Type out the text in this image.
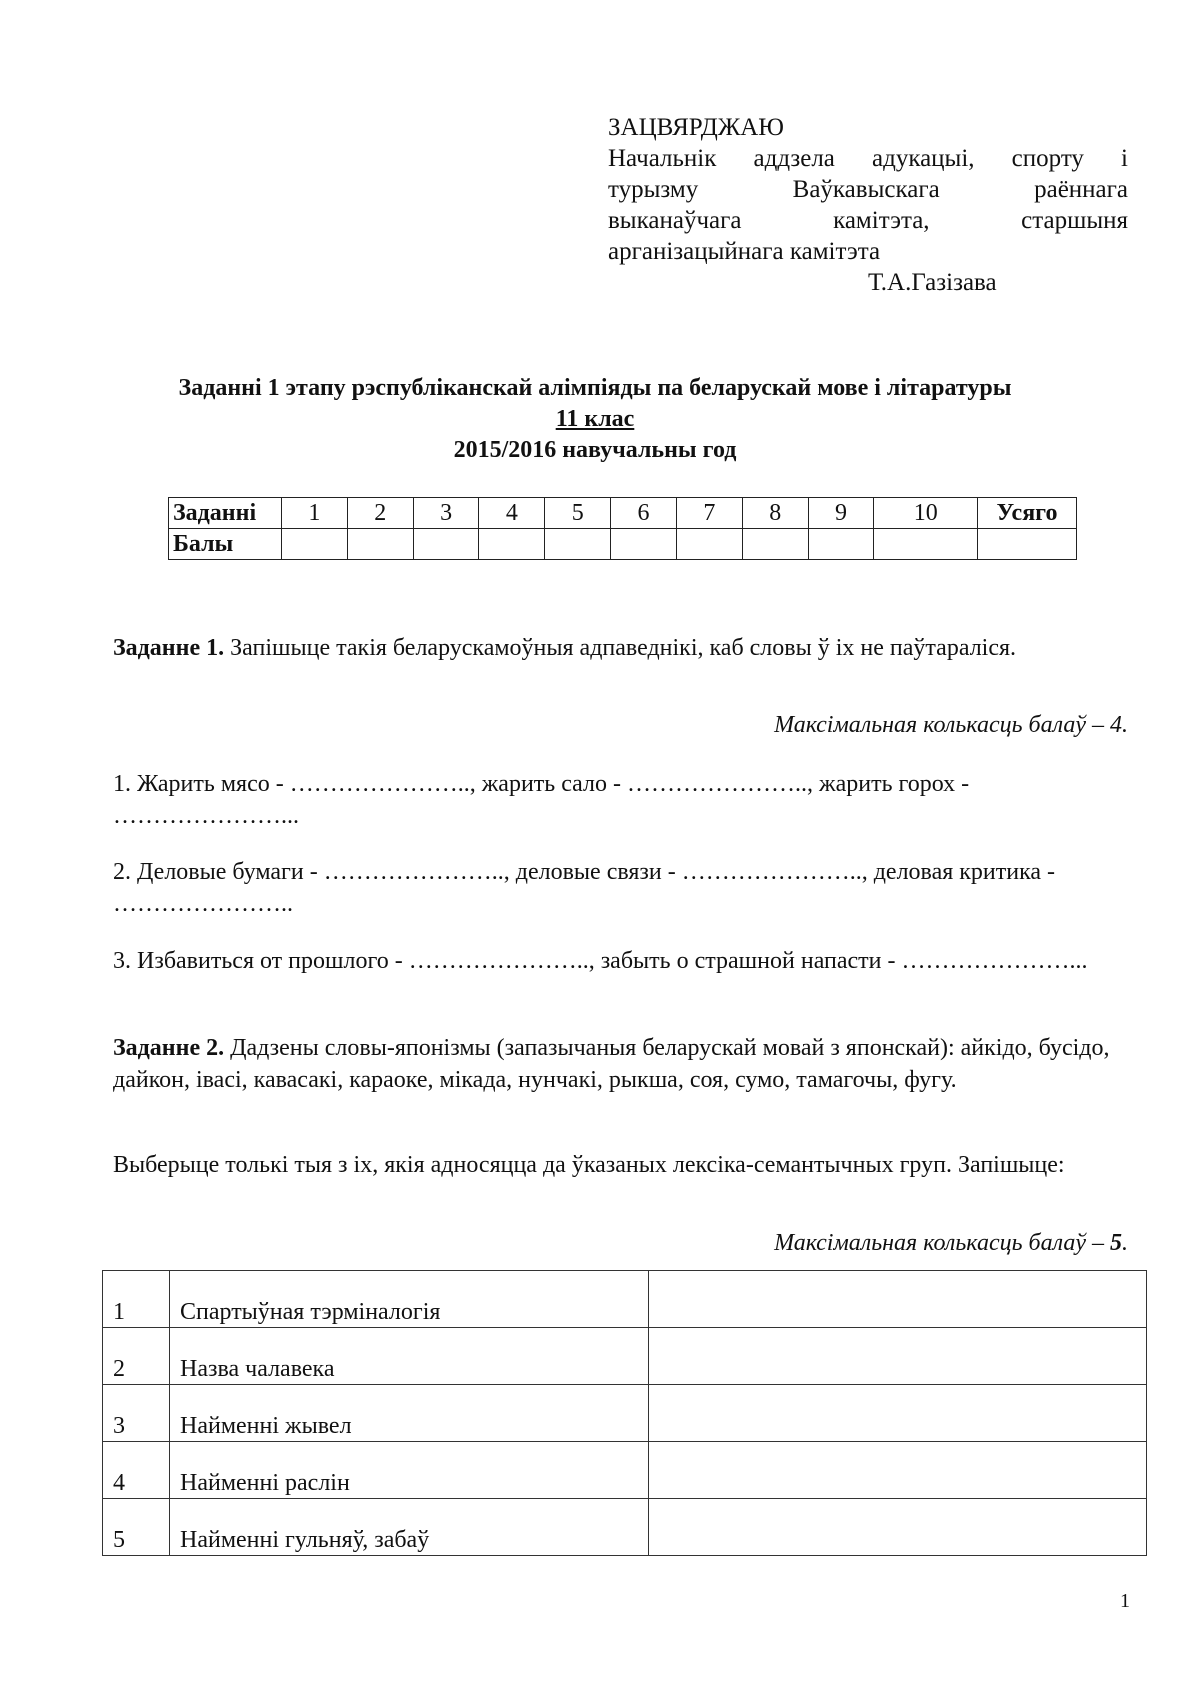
ЗАЦВЯРДЖАЮ
Начальнік аддзела адукацыі, спорту і
турызму	Ваўкавыскага	раённага
выканаўчага	камітэта,	старшыня
арганізацыйнага камітэта
Т.А.Газізава
Заданні 1 этапу рэспубліканскай алімпіяды па беларускай мове і літаратуры
11 клас
2015/2016 навучальны год
Заданні	1	2	3	4	5	6	7	8	9	10	Усяго
Балы											
Заданне 1. Запішыце такія беларускамоўныя адпаведнікі, каб словы ў іх не паўтараліся.
Максімальная колькасць балаў – 4.
1. Жарить мясо - ………………….., жарить сало - ………………….., жарить горох - …………………...
2. Деловые бумаги - ………………….., деловые связи - ………………….., деловая критика - …………………..
3. Избавиться от прошлого - ………………….., забыть о страшной напасти - …………………...
Заданне 2. Дадзены словы-японізмы (запазычаныя беларускай мовай з японскай): айкідо, бусідо, дайкон, івасі, кавасакі, караоке, мікада, нунчакі, рыкша, соя, сумо, тамагочы, фугу.
Выберыце толькі тыя з іх, якія адносяцца да ўказаных лексіка-семантычных груп. Запішыце:
Максімальная колькасць балаў – 5.
1	Спартыўная тэрміналогія	
2	Назва чалавека	
3	Найменні жывел	
4	Найменні раслін	
5	Найменні гульняў, забаў	
1
